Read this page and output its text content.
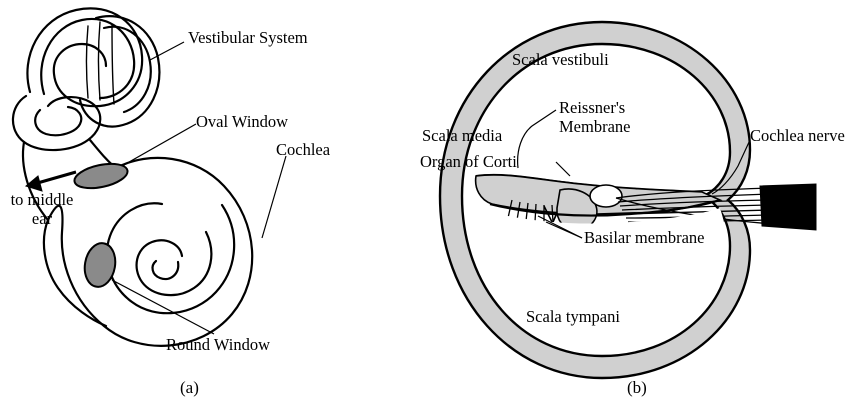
Vestibular System
Oval Window
Cochlea
to middle
ear
Round Window
(a)
Scala vestibuli
Reissner's
Membrane
Scala media
Organ of Corti
Cochlea nerve
Basilar membrane
Scala tympani
(b)
